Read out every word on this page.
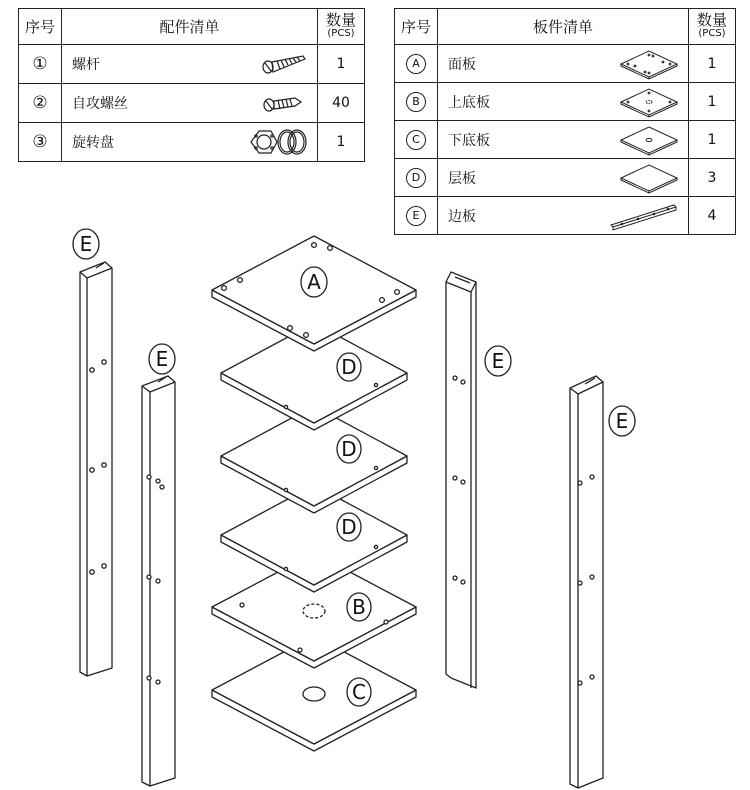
序号	配件清单	数量
(PCS)

①	螺杆	1
②	自攻螺丝	40
③	旋转盘	1
序号	板件清单	数量
(PCS)

A	面板	1
B	上底板	1
C	下底板	1
D	层板	3
E	边板	4
A
D
D
D
B
C
E
E	E
E
